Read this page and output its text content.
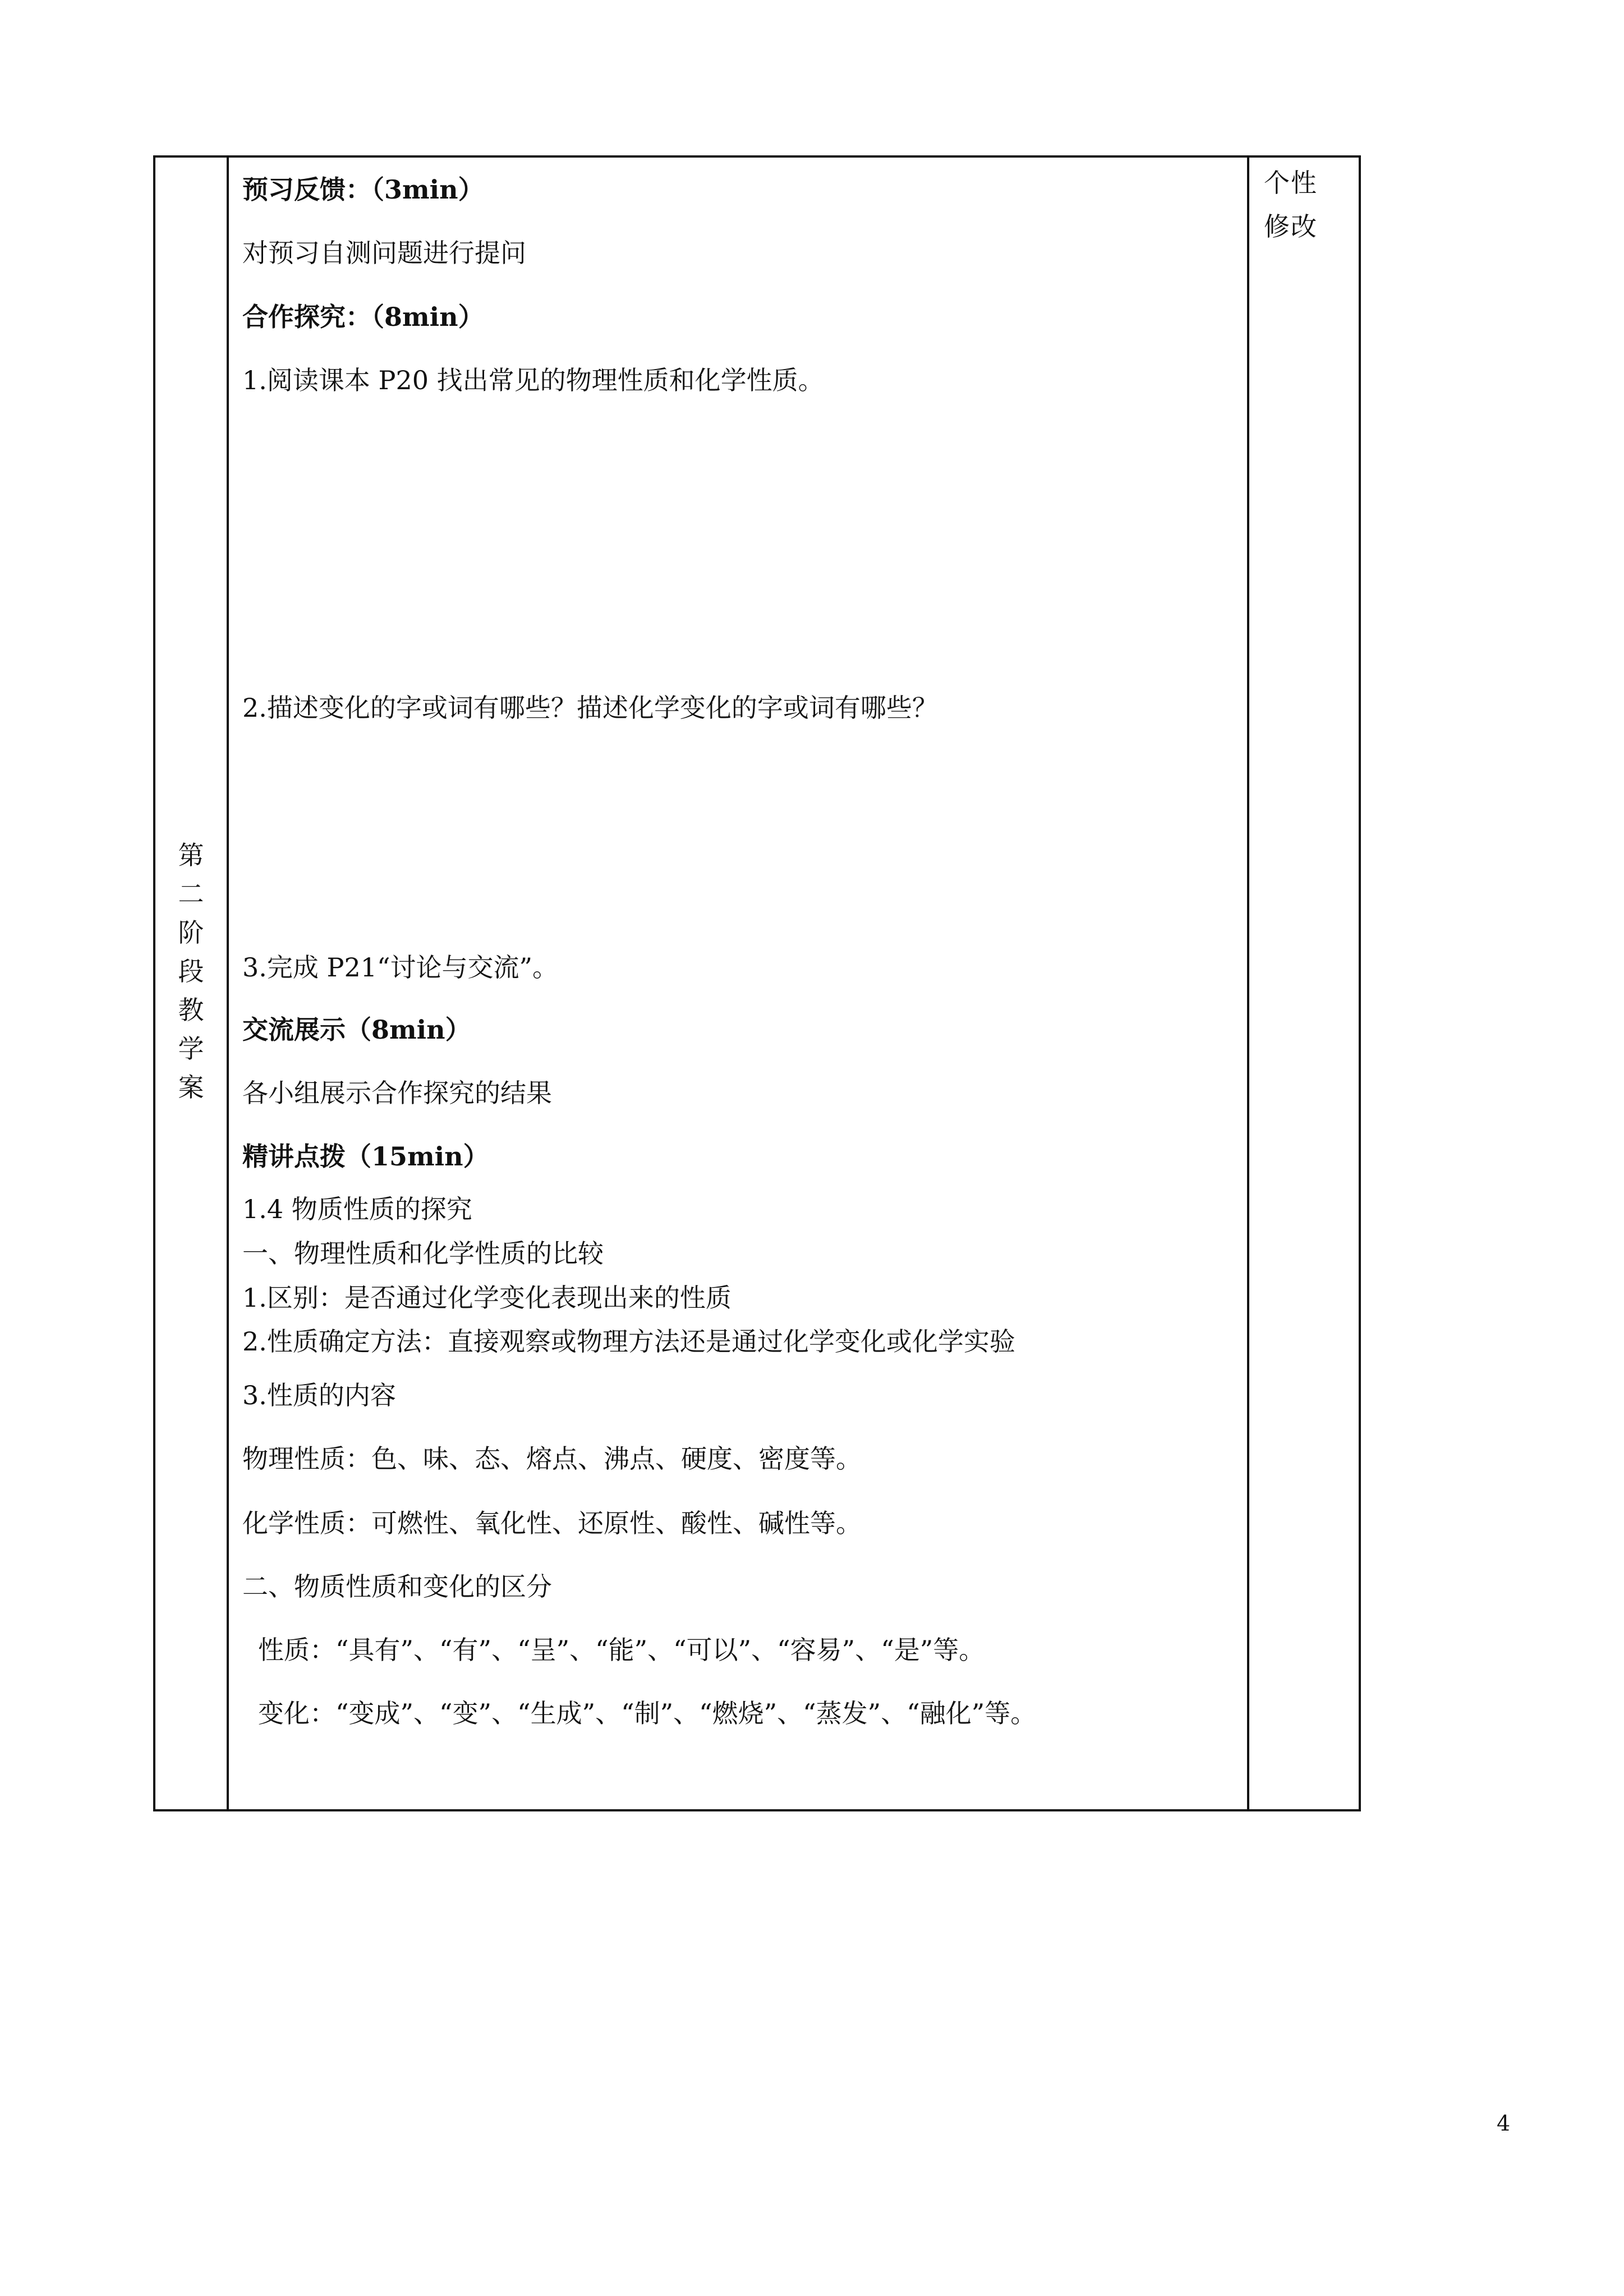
第
二
阶
段
教
学
案
个性
修改
预习反馈：（3min）
对预习自测问题进行提问
合作探究：（8min）
1.阅读课本 P20 找出常见的物理性质和化学性质。
2.描述变化的字或词有哪些？描述化学变化的字或词有哪些？
3.完成 P21“讨论与交流”。
交流展示（8min）
各小组展示合作探究的结果
精讲点拨（15min）
1.4 物质性质的探究
一、物理性质和化学性质的比较
1.区别：是否通过化学变化表现出来的性质
2.性质确定方法：直接观察或物理方法还是通过化学变化或化学实验
3.性质的内容
物理性质：色、味、态、熔点、沸点、硬度、密度等。
化学性质：可燃性、氧化性、还原性、酸性、碱性等。
二、物质性质和变化的区分
性质：“具有”、“有”、“呈”、“能”、“可以”、“容易”、“是”等。
变化：“变成”、“变”、“生成”、“制”、“燃烧”、“蒸发”、“融化”等。
4
